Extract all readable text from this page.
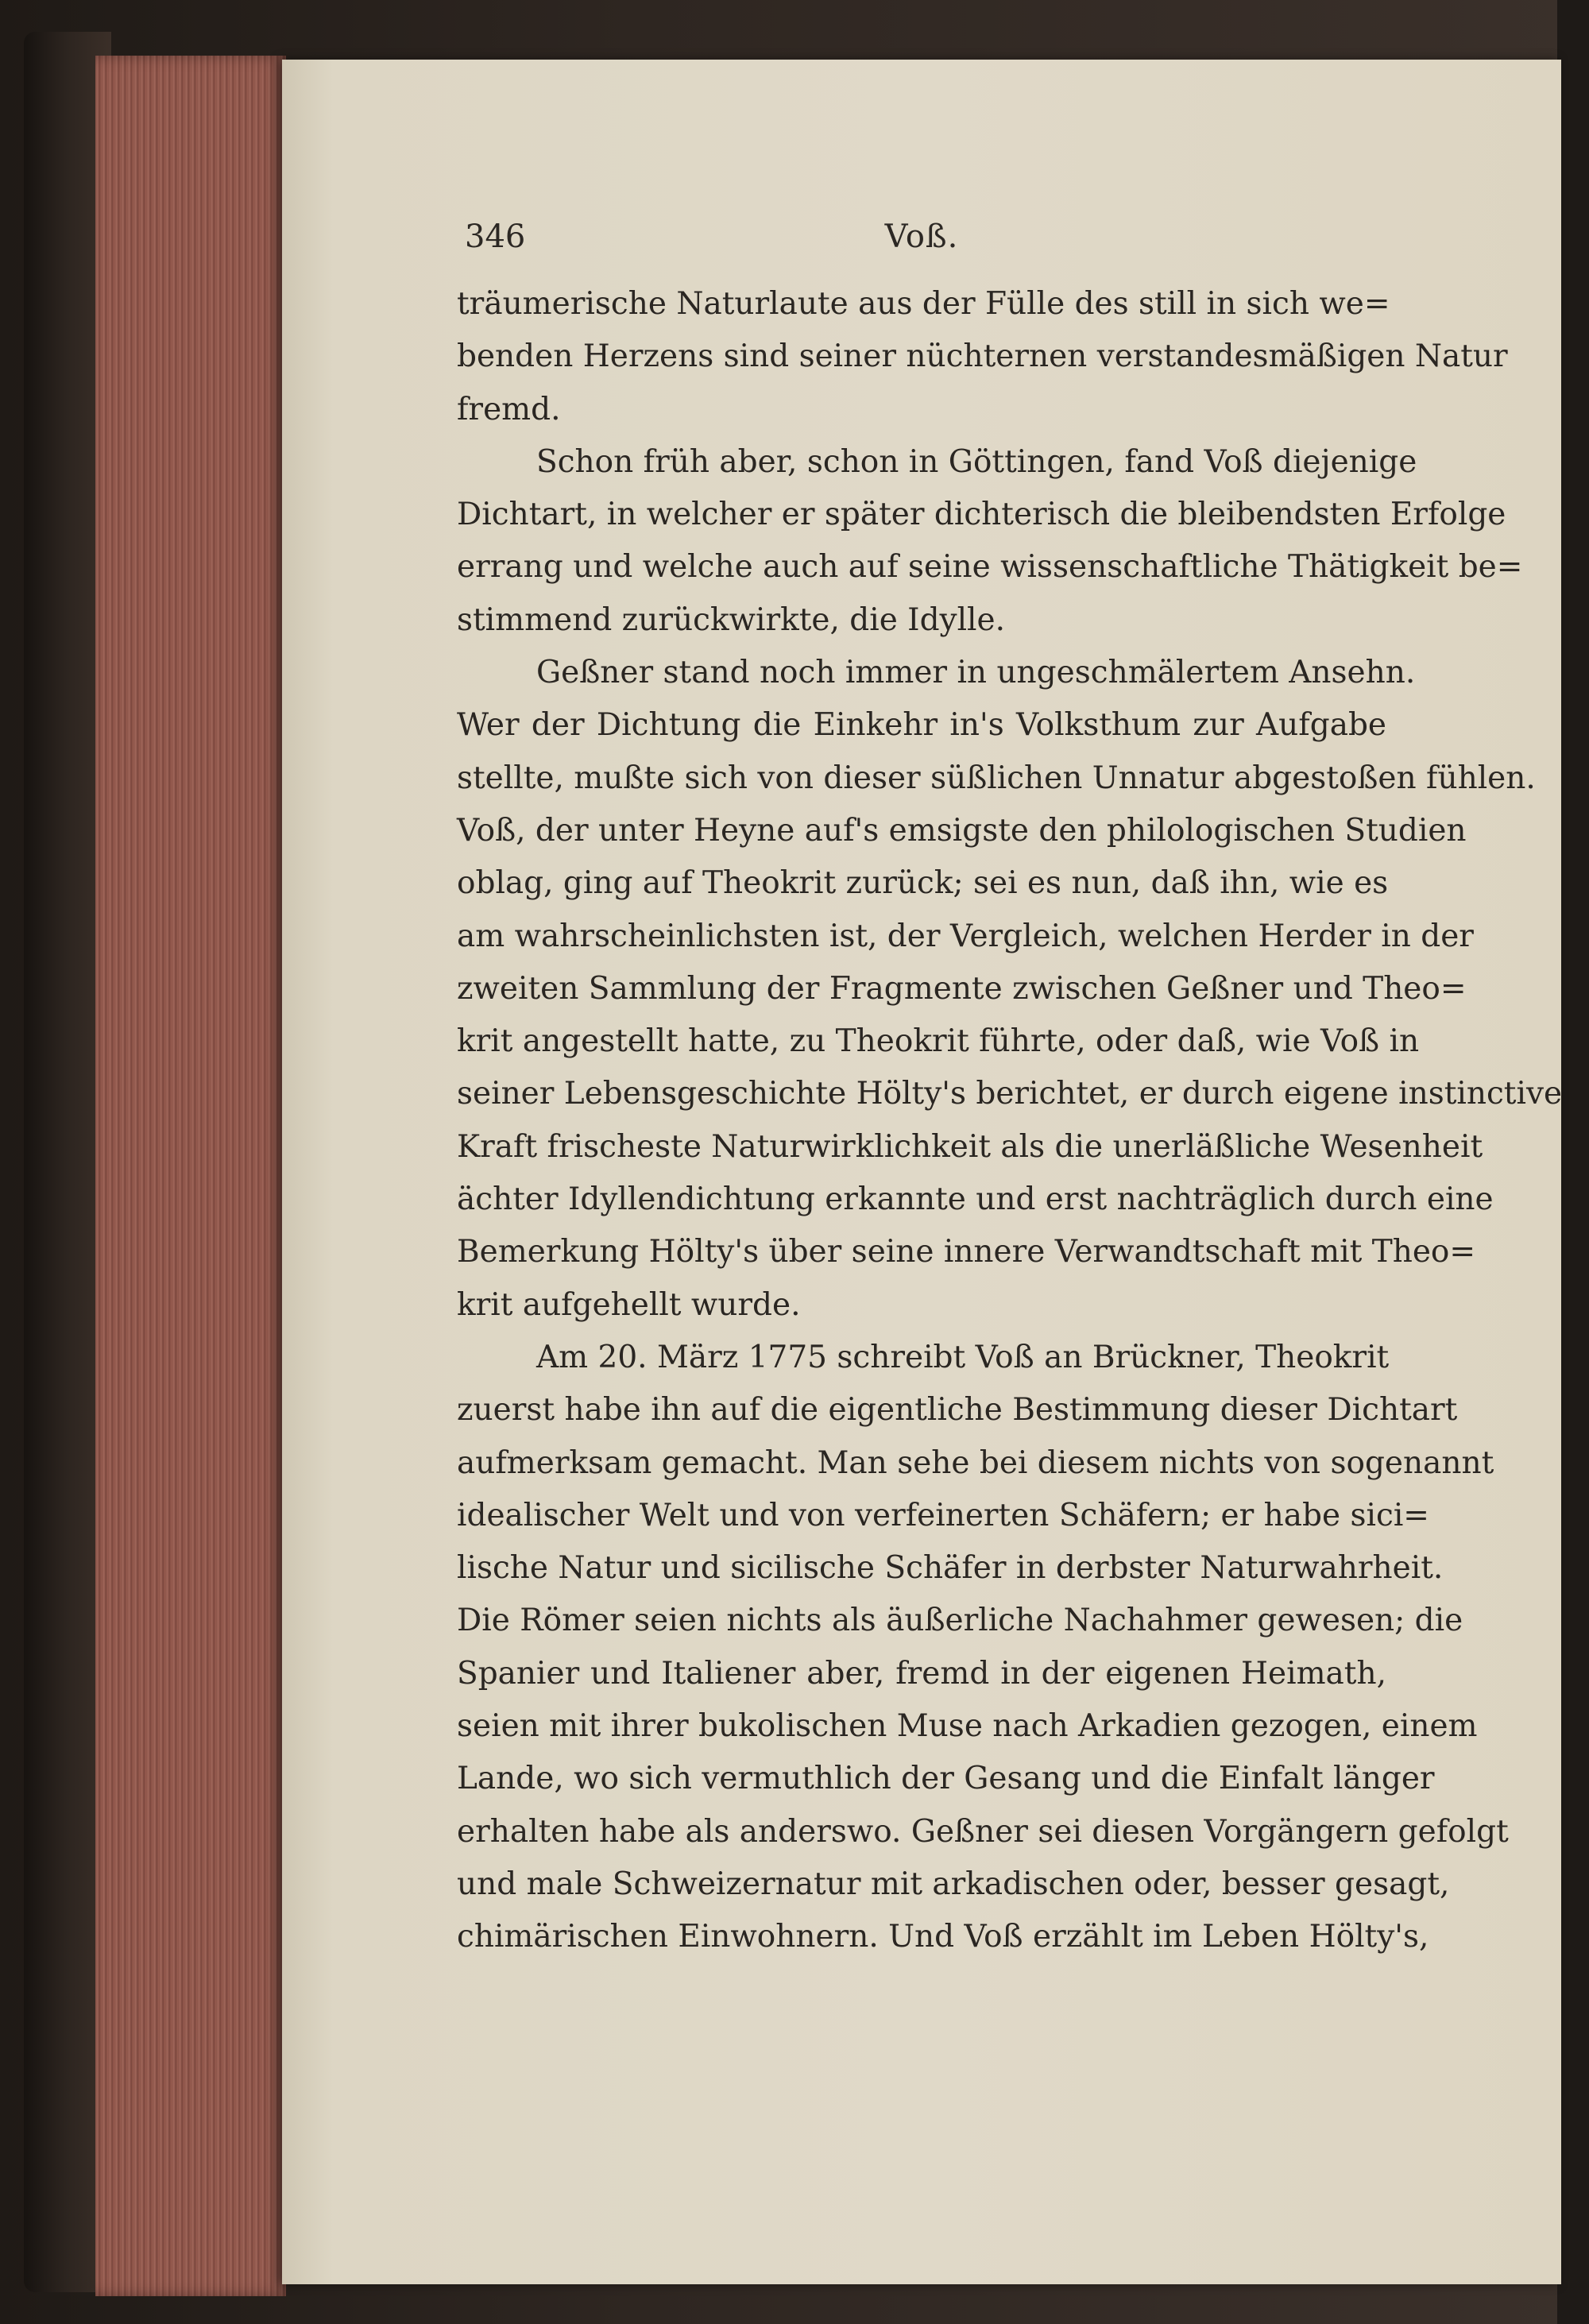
346	Voß.
träumerische Naturlaute aus der Fülle des still in sich we=
benden Herzens sind seiner nüchternen verstandesmäßigen Natur
fremd.
Schon früh aber, schon in Göttingen, fand Voß diejenige
Dichtart, in welcher er später dichterisch die bleibendsten Erfolge
errang und welche auch auf seine wissenschaftliche Thätigkeit be=
stimmend zurückwirkte, die Idylle.
Geßner stand noch immer in ungeschmälertem Ansehn.
Wer der Dichtung die Einkehr in's Volksthum zur Aufgabe
stellte, mußte sich von dieser süßlichen Unnatur abgestoßen fühlen.
Voß, der unter Heyne auf's emsigste den philologischen Studien
oblag, ging auf Theokrit zurück; sei es nun, daß ihn, wie es
am wahrscheinlichsten ist, der Vergleich, welchen Herder in der
zweiten Sammlung der Fragmente zwischen Geßner und Theo=
krit angestellt hatte, zu Theokrit führte, oder daß, wie Voß in
seiner Lebensgeschichte Hölty's berichtet, er durch eigene instinctive
Kraft frischeste Naturwirklichkeit als die unerläßliche Wesenheit
ächter Idyllendichtung erkannte und erst nachträglich durch eine
Bemerkung Hölty's über seine innere Verwandtschaft mit Theo=
krit aufgehellt wurde.
Am 20. März 1775 schreibt Voß an Brückner, Theokrit
zuerst habe ihn auf die eigentliche Bestimmung dieser Dichtart
aufmerksam gemacht. Man sehe bei diesem nichts von sogenannt
idealischer Welt und von verfeinerten Schäfern; er habe sici=
lische Natur und sicilische Schäfer in derbster Naturwahrheit.
Die Römer seien nichts als äußerliche Nachahmer gewesen; die
Spanier und Italiener aber, fremd in der eigenen Heimath,
seien mit ihrer bukolischen Muse nach Arkadien gezogen, einem
Lande, wo sich vermuthlich der Gesang und die Einfalt länger
erhalten habe als anderswo. Geßner sei diesen Vorgängern gefolgt
und male Schweizernatur mit arkadischen oder, besser gesagt,
chimärischen Einwohnern. Und Voß erzählt im Leben Hölty's,
